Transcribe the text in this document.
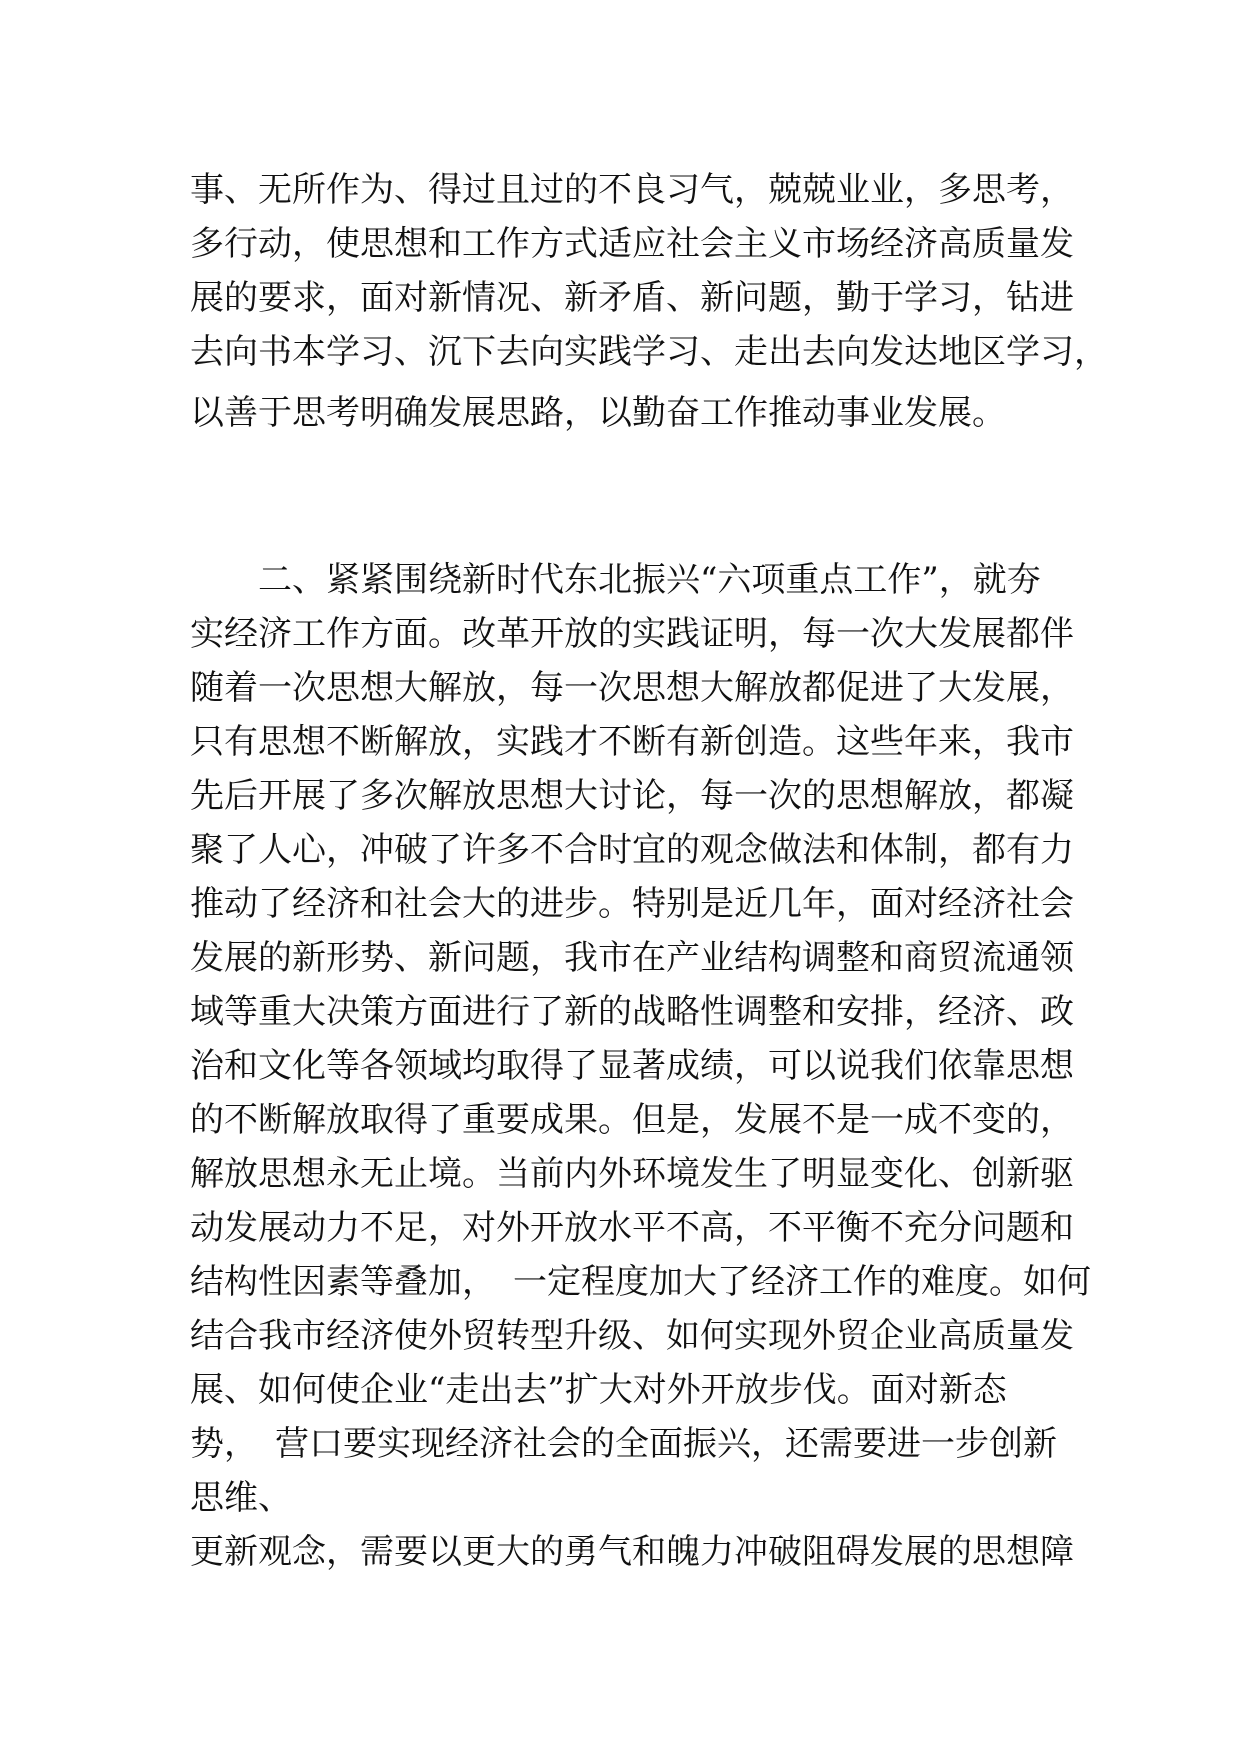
事、无所作为、得过且过的不良习气，兢兢业业，多思考，
多行动，使思想和工作方式适应社会主义市场经济高质量发
展的要求，面对新情况、新矛盾、新问题，勤于学习，钻进
去向书本学习、沉下去向实践学习、走出去向发达地区学习，
以善于思考明确发展思路，以勤奋工作推动事业发展。
二、紧紧围绕新时代东北振兴“六项重点工作”，就夯
实经济工作方面。改革开放的实践证明，每一次大发展都伴
随着一次思想大解放，每一次思想大解放都促进了大发展，
只有思想不断解放，实践才不断有新创造。这些年来，我市
先后开展了多次解放思想大讨论，每一次的思想解放，都凝
聚了人心，冲破了许多不合时宜的观念做法和体制，都有力
推动了经济和社会大的进步。特别是近几年，面对经济社会
发展的新形势、新问题，我市在产业结构调整和商贸流通领
域等重大决策方面进行了新的战略性调整和安排，经济、政
治和文化等各领域均取得了显著成绩，可以说我们依靠思想
的不断解放取得了重要成果。但是，发展不是一成不变的，
解放思想永无止境。当前内外环境发生了明显变化、创新驱
动发展动力不足，对外开放水平不高，不平衡不充分问题和
结构性因素等叠加，　一定程度加大了经济工作的难度。如何
结合我市经济使外贸转型升级、如何实现外贸企业高质量发
展、如何使企业“走出去”扩大对外开放步伐。面对新态
势，　营口要实现经济社会的全面振兴，还需要进一步创新
思维、
更新观念，需要以更大的勇气和魄力冲破阻碍发展的思想障
